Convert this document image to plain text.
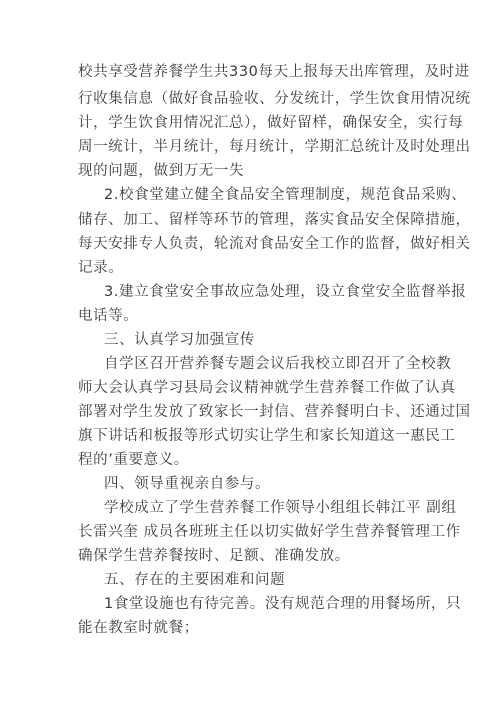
校共享受营养餐学生共330每天上报每天出库管理，及时进
行收集信息（做好食品验收、分发统计，学生饮食用情况统
计，学生饮食用情况汇总），做好留样，确保安全，实行每
周一统计，半月统计，每月统计，学期汇总统计及时处理出
现的问题，做到万无一失
2.校食堂建立健全食品安全管理制度，规范食品采购、
储存、加工、留样等环节的管理，落实食品安全保障措施，
每天安排专人负责，轮流对食品安全工作的监督，做好相关
记录。
3.建立食堂安全事故应急处理，设立食堂安全监督举报
电话等。
三、认真学习加强宣传
自学区召开营养餐专题会议后我校立即召开了全校教
师大会认真学习县局会议精神就学生营养餐工作做了认真
部署对学生发放了致家长一封信、营养餐明白卡、还通过国
旗下讲话和板报等形式切实让学生和家长知道这一惠民工
程的’重要意义。
四、领导重视亲自参与。
学校成立了学生营养餐工作领导小组组长韩江平 副组
长雷兴奎 成员各班班主任以切实做好学生营养餐管理工作
确保学生营养餐按时、足额、准确发放。
五、存在的主要困难和问题
1食堂设施也有待完善。没有规范合理的用餐场所，只
能在教室时就餐；
